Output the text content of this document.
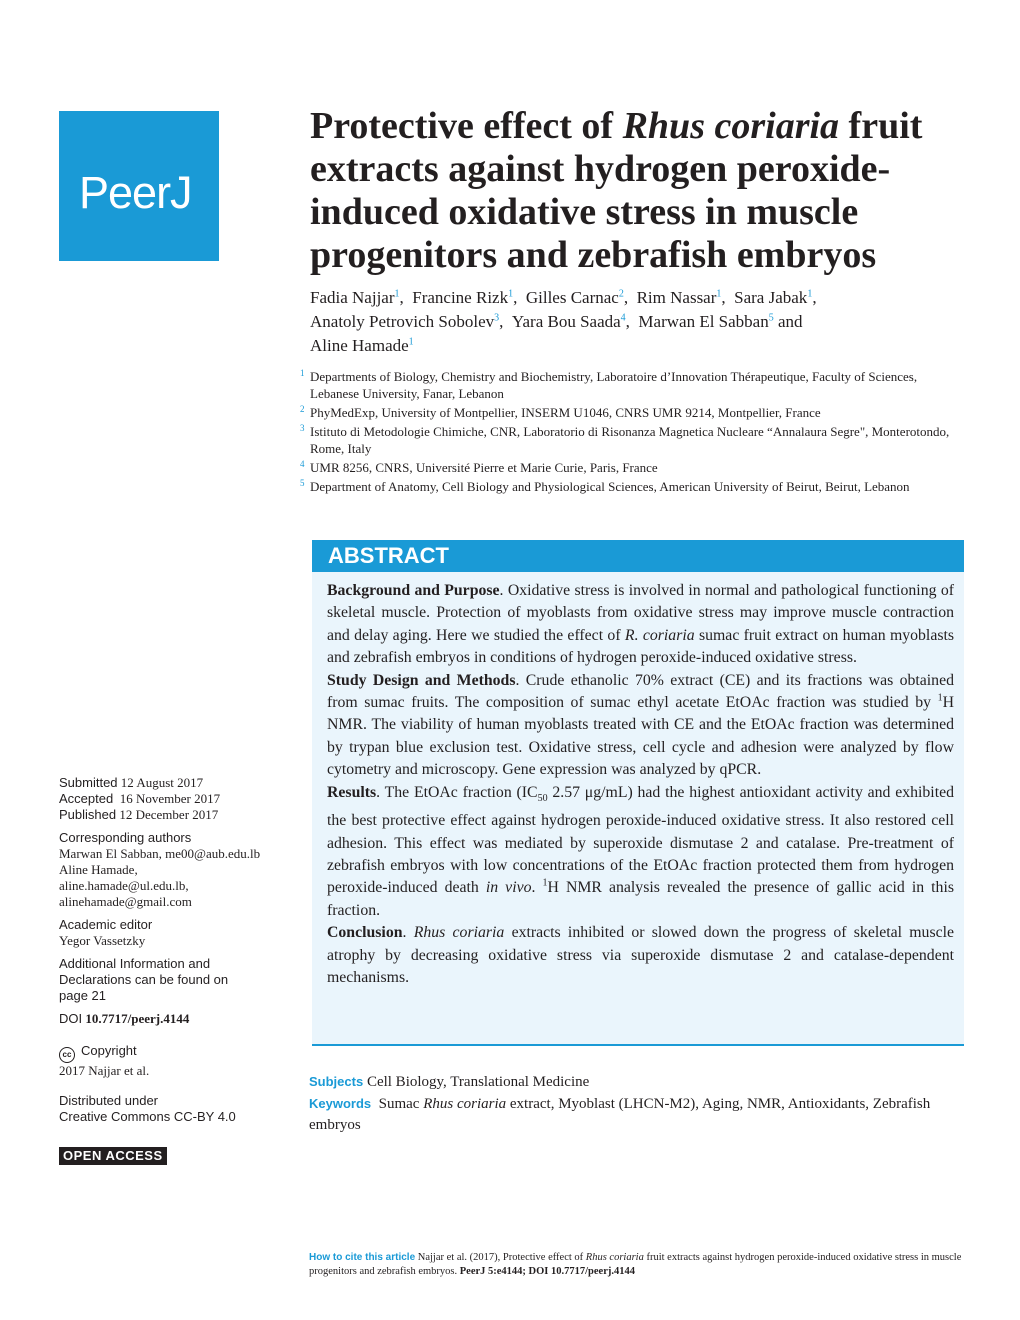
PeerJ
Protective effect of Rhus coriaria fruit extracts against hydrogen peroxide-induced oxidative stress in muscle progenitors and zebrafish embryos
Fadia Najjar$^1$,  Francine Rizk$^1$,  Gilles Carnac$^2$,  Rim Nassar$^1$,  Sara Jabak$^1$,
Anatoly Petrovich Sobolev$^3$,  Yara Bou Saada$^4$,  Marwan El Sabban$^5$ and
Aline Hamade$^1$
1 Departments of Biology, Chemistry and Biochemistry, Laboratoire d’Innovation Thérapeutique, Faculty of Sciences, Lebanese University, Fanar, Lebanon
2 PhyMedExp, University of Montpellier, INSERM U1046, CNRS UMR 9214, Montpellier, France
3 Istituto di Metodologie Chimiche, CNR, Laboratorio di Risonanza Magnetica Nucleare “Annalaura Segre", Monterotondo, Rome, Italy
4 UMR 8256, CNRS, Université Pierre et Marie Curie, Paris, France
5 Department of Anatomy, Cell Biology and Physiological Sciences, American University of Beirut, Beirut, Lebanon
ABSTRACT

Background and Purpose. Oxidative stress is involved in normal and pathological functioning of skeletal muscle. Protection of myoblasts from oxidative stress may improve muscle contraction and delay aging. Here we studied the effect of R. coriaria sumac fruit extract on human myoblasts and zebrafish embryos in conditions of hydrogen peroxide-induced oxidative stress.

Study Design and Methods. Crude ethanolic 70% extract (CE) and its fractions was obtained from sumac fruits. The composition of sumac ethyl acetate EtOAc fraction was studied by $^1$H NMR. The viability of human myoblasts treated with CE and the EtOAc fraction was determined by trypan blue exclusion test. Oxidative stress, cell cycle and adhesion were analyzed by flow cytometry and microscopy. Gene expression was analyzed by qPCR.

Results. The EtOAc fraction ($IC_{50}$ 2.57 μg/mL) had the highest antioxidant activity and exhibited the best protective effect against hydrogen peroxide-induced oxidative stress. It also restored cell adhesion. This effect was mediated by superoxide dismutase 2 and catalase. Pre-treatment of zebrafish embryos with low concentrations of the EtOAc fraction protected them from hydrogen peroxide-induced death in vivo. $^1$H NMR analysis revealed the presence of gallic acid in this fraction.

Conclusion. Rhus coriaria extracts inhibited or slowed down the progress of skeletal muscle atrophy by decreasing oxidative stress via superoxide dismutase 2 and catalase-dependent mechanisms.

Submitted 12 August 2017
Accepted 16 November 2017
Published 12 December 2017
Corresponding authors
Marwan El Sabban, me00@aub.edu.lb
Aline Hamade,
aline.hamade@ul.edu.lb,
alinehamade@gmail.com
Academic editor
Yegor Vassetzky
Additional Information and
Declarations can be found on
page 21
DOI 10.7717/peerj.4144
cc Copyright
2017 Najjar et al.
Distributed under
Creative Commons CC-BY 4.0
OPEN ACCESS
Subjects Cell Biology, Translational Medicine
Keywords Sumac Rhus coriaria extract, Myoblast (LHCN-M2), Aging, NMR, Antioxidants, Zebrafish embryos
How to cite this article Najjar et al. (2017), Protective effect of Rhus coriaria fruit extracts against hydrogen peroxide-induced oxidative stress in muscle progenitors and zebrafish embryos. PeerJ 5:e4144; DOI 10.7717/peerj.4144
